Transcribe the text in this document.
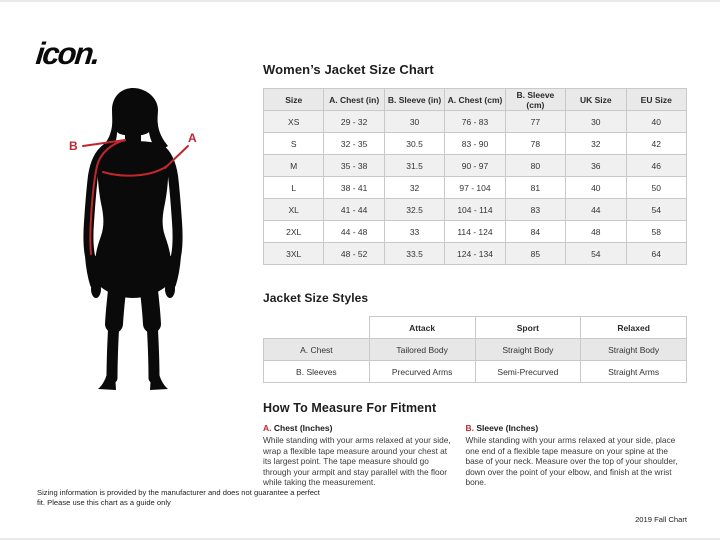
icon.
B
A
Women’s Jacket Size Chart
Size	A. Chest (in)	B. Sleeve (in)	A. Chest (cm)	B. Sleeve (cm)	UK Size	EU Size
XS	29 - 32	30	76 - 83	77	30	40
S	32 - 35	30.5	83 - 90	78	32	42
M	35 - 38	31.5	90 - 97	80	36	46
L	38 - 41	32	97 - 104	81	40	50
XL	41 - 44	32.5	104 - 114	83	44	54
2XL	44 - 48	33	114 - 124	84	48	58
3XL	48 - 52	33.5	124 - 134	85	54	64
Jacket Size Styles
	Attack	Sport	Relaxed
A. Chest	Tailored Body	Straight Body	Straight Body
B. Sleeves	Precurved Arms	Semi-Precurved	Straight Arms
How To Measure For Fitment
A. Chest (Inches)
While standing with your arms relaxed at your side, wrap a flexible tape measure around your chest at its largest point. The tape measure should go through your armpit and stay parallel with the floor while taking the measurement.
B. Sleeve (Inches)
While standing with your arms relaxed at your side, place one end of a flexible tape measure on your spine at the base of your neck. Measure over the top of your shoulder, down over the point of your elbow, and finish at the wrist bone.
Sizing information is provided by the manufacturer and does not guarantee a perfect fit. Please use this chart as a guide only
2019 Fall Chart
